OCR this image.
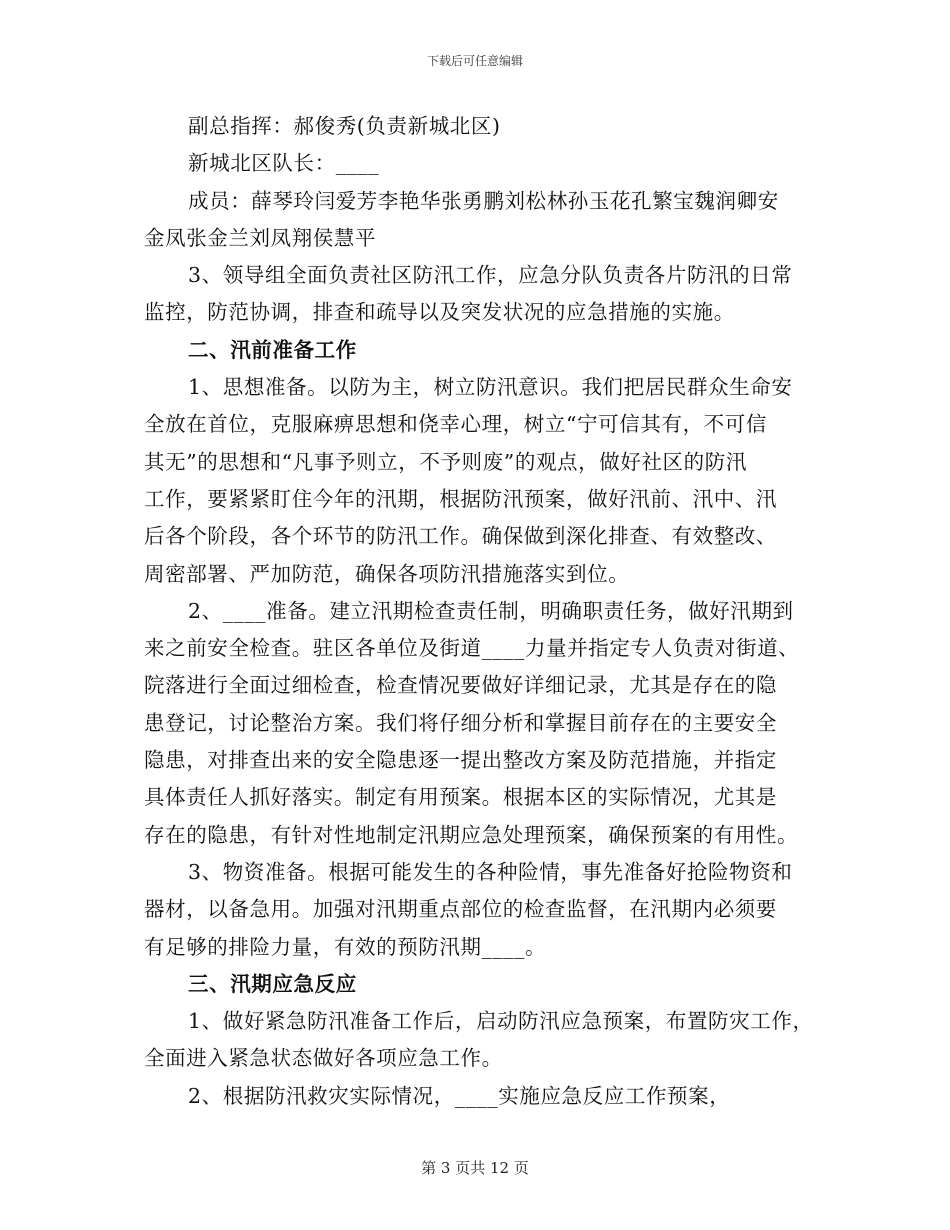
下载后可任意编辑
副总指挥：郝俊秀(负责新城北区)
新城北区队长：____
成员：薛琴玲闫爱芳李艳华张勇鹏刘松林孙玉花孔繁宝魏润卿安
金凤张金兰刘凤翔侯慧平
3、领导组全面负责社区防汛工作，应急分队负责各片防汛的日常
监控，防范协调，排查和疏导以及突发状况的应急措施的实施。
二、汛前准备工作
1、思想准备。以防为主，树立防汛意识。我们把居民群众生命安
全放在首位，克服麻痹思想和侥幸心理，树立“宁可信其有，不可信
其无”的思想和“凡事予则立，不予则废”的观点，做好社区的防汛
工作，要紧紧盯住今年的汛期，根据防汛预案，做好汛前、汛中、汛
后各个阶段，各个环节的防汛工作。确保做到深化排查、有效整改、
周密部署、严加防范，确保各项防汛措施落实到位。
2、____准备。建立汛期检查责任制，明确职责任务，做好汛期到
来之前安全检查。驻区各单位及街道____力量并指定专人负责对街道、
院落进行全面过细检查，检查情况要做好详细记录，尤其是存在的隐
患登记，讨论整治方案。我们将仔细分析和掌握目前存在的主要安全
隐患，对排查出来的安全隐患逐一提出整改方案及防范措施，并指定
具体责任人抓好落实。制定有用预案。根据本区的实际情况，尤其是
存在的隐患，有针对性地制定汛期应急处理预案，确保预案的有用性。
3、物资准备。根据可能发生的各种险情，事先准备好抢险物资和
器材，以备急用。加强对汛期重点部位的检查监督，在汛期内必须要
有足够的排险力量，有效的预防汛期____。
三、汛期应急反应
1、做好紧急防汛准备工作后，启动防汛应急预案，布置防灾工作，
全面进入紧急状态做好各项应急工作。
2、根据防汛救灾实际情况，____实施应急反应工作预案，
第 3 页共 12 页
